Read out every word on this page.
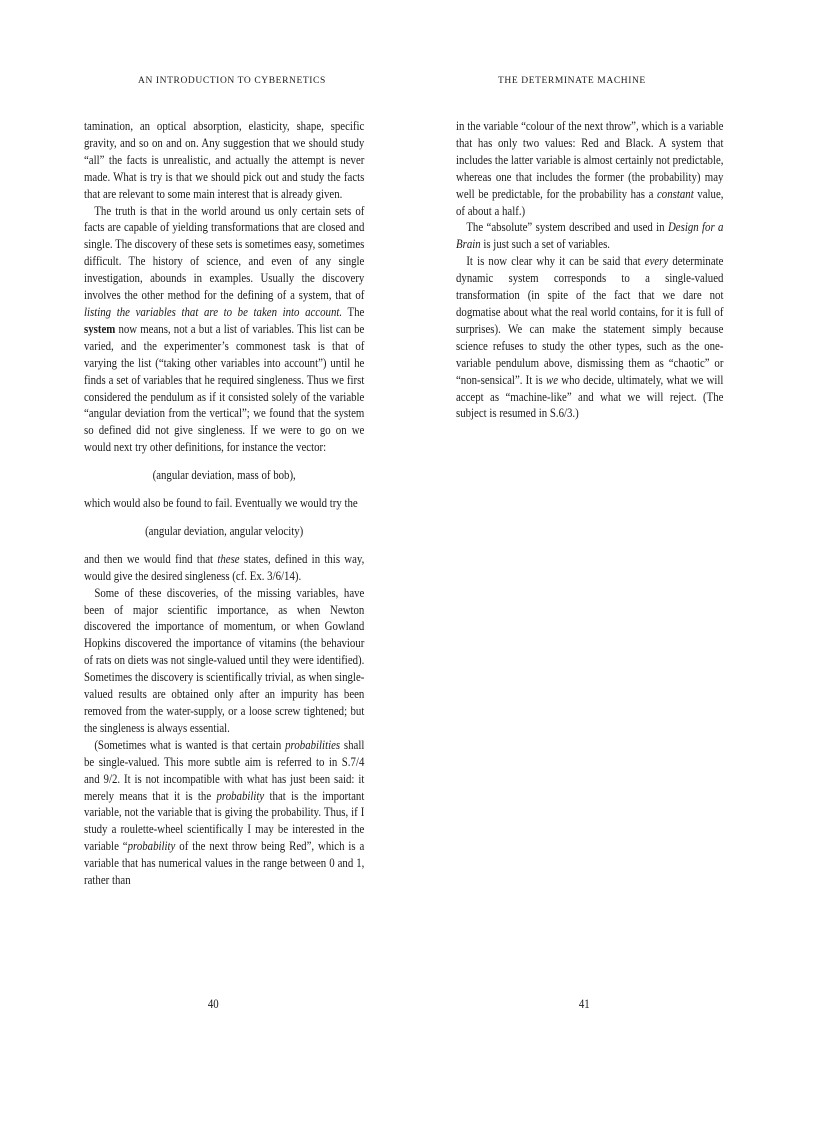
AN INTRODUCTION TO CYBERNETICS

tamination, an optical absorption, elasticity, shape, specific gravity, and so on and on. Any suggestion that we should study “all” the facts is unrealistic, and actually the attempt is never made. What is try is that we should pick out and study the facts that are relevant to some main interest that is already given.

The truth is that in the world around us only certain sets of facts are capable of yielding transformations that are closed and single. The discovery of these sets is sometimes easy, sometimes difficult. The history of science, and even of any single investigation, abounds in examples. Usually the discovery involves the other method for the defining of a system, that of listing the variables that are to be taken into account. The system now means, not a but a list of variables. This list can be varied, and the experimenter’s commonest task is that of varying the list (“taking other variables into account”) until he finds a set of variables that he required singleness. Thus we first considered the pendulum as if it consisted solely of the variable “angular deviation from the vertical”; we found that the system so defined did not give singleness. If we were to go on we would next try other definitions, for instance the vector:

(angular deviation, mass of bob),

which would also be found to fail. Eventually we would try the

(angular deviation, angular velocity)

and then we would find that these states, defined in this way, would give the desired singleness (cf. Ex. 3/6/14).

Some of these discoveries, of the missing variables, have been of major scientific importance, as when Newton discovered the importance of momentum, or when Gowland Hopkins discovered the importance of vitamins (the behaviour of rats on diets was not single-valued until they were identified). Sometimes the discovery is scientifically trivial, as when single-valued results are obtained only after an impurity has been removed from the water-supply, or a loose screw tightened; but the singleness is always essential.

(Sometimes what is wanted is that certain probabilities shall be single-valued. This more subtle aim is referred to in S.7/4 and 9/2. It is not incompatible with what has just been said: it merely means that it is the probability that is the important variable, not the variable that is giving the probability. Thus, if I study a roulette-wheel scientifically I may be interested in the variable “probability of the next throw being Red”, which is a variable that has numerical values in the range between 0 and 1, rather than

40
THE DETERMINATE MACHINE
41

in the variable “colour of the next throw”, which is a variable that has only two values: Red and Black. A system that includes the latter variable is almost certainly not predictable, whereas one that includes the former (the probability) may well be predictable, for the probability has a constant value, of about a half.)

The “absolute” system described and used in Design for a Brain is just such a set of variables.

It is now clear why it can be said that every determinate dynamic system corresponds to a single-valued transformation (in spite of the fact that we dare not dogmatise about what the real world contains, for it is full of surprises). We can make the statement simply because science refuses to study the other types, such as the one-variable pendulum above, dismissing them as “chaotic” or “non-sensical”. It is we who decide, ultimately, what we will accept as “machine-like” and what we will reject. (The subject is resumed in S.6/3.)
